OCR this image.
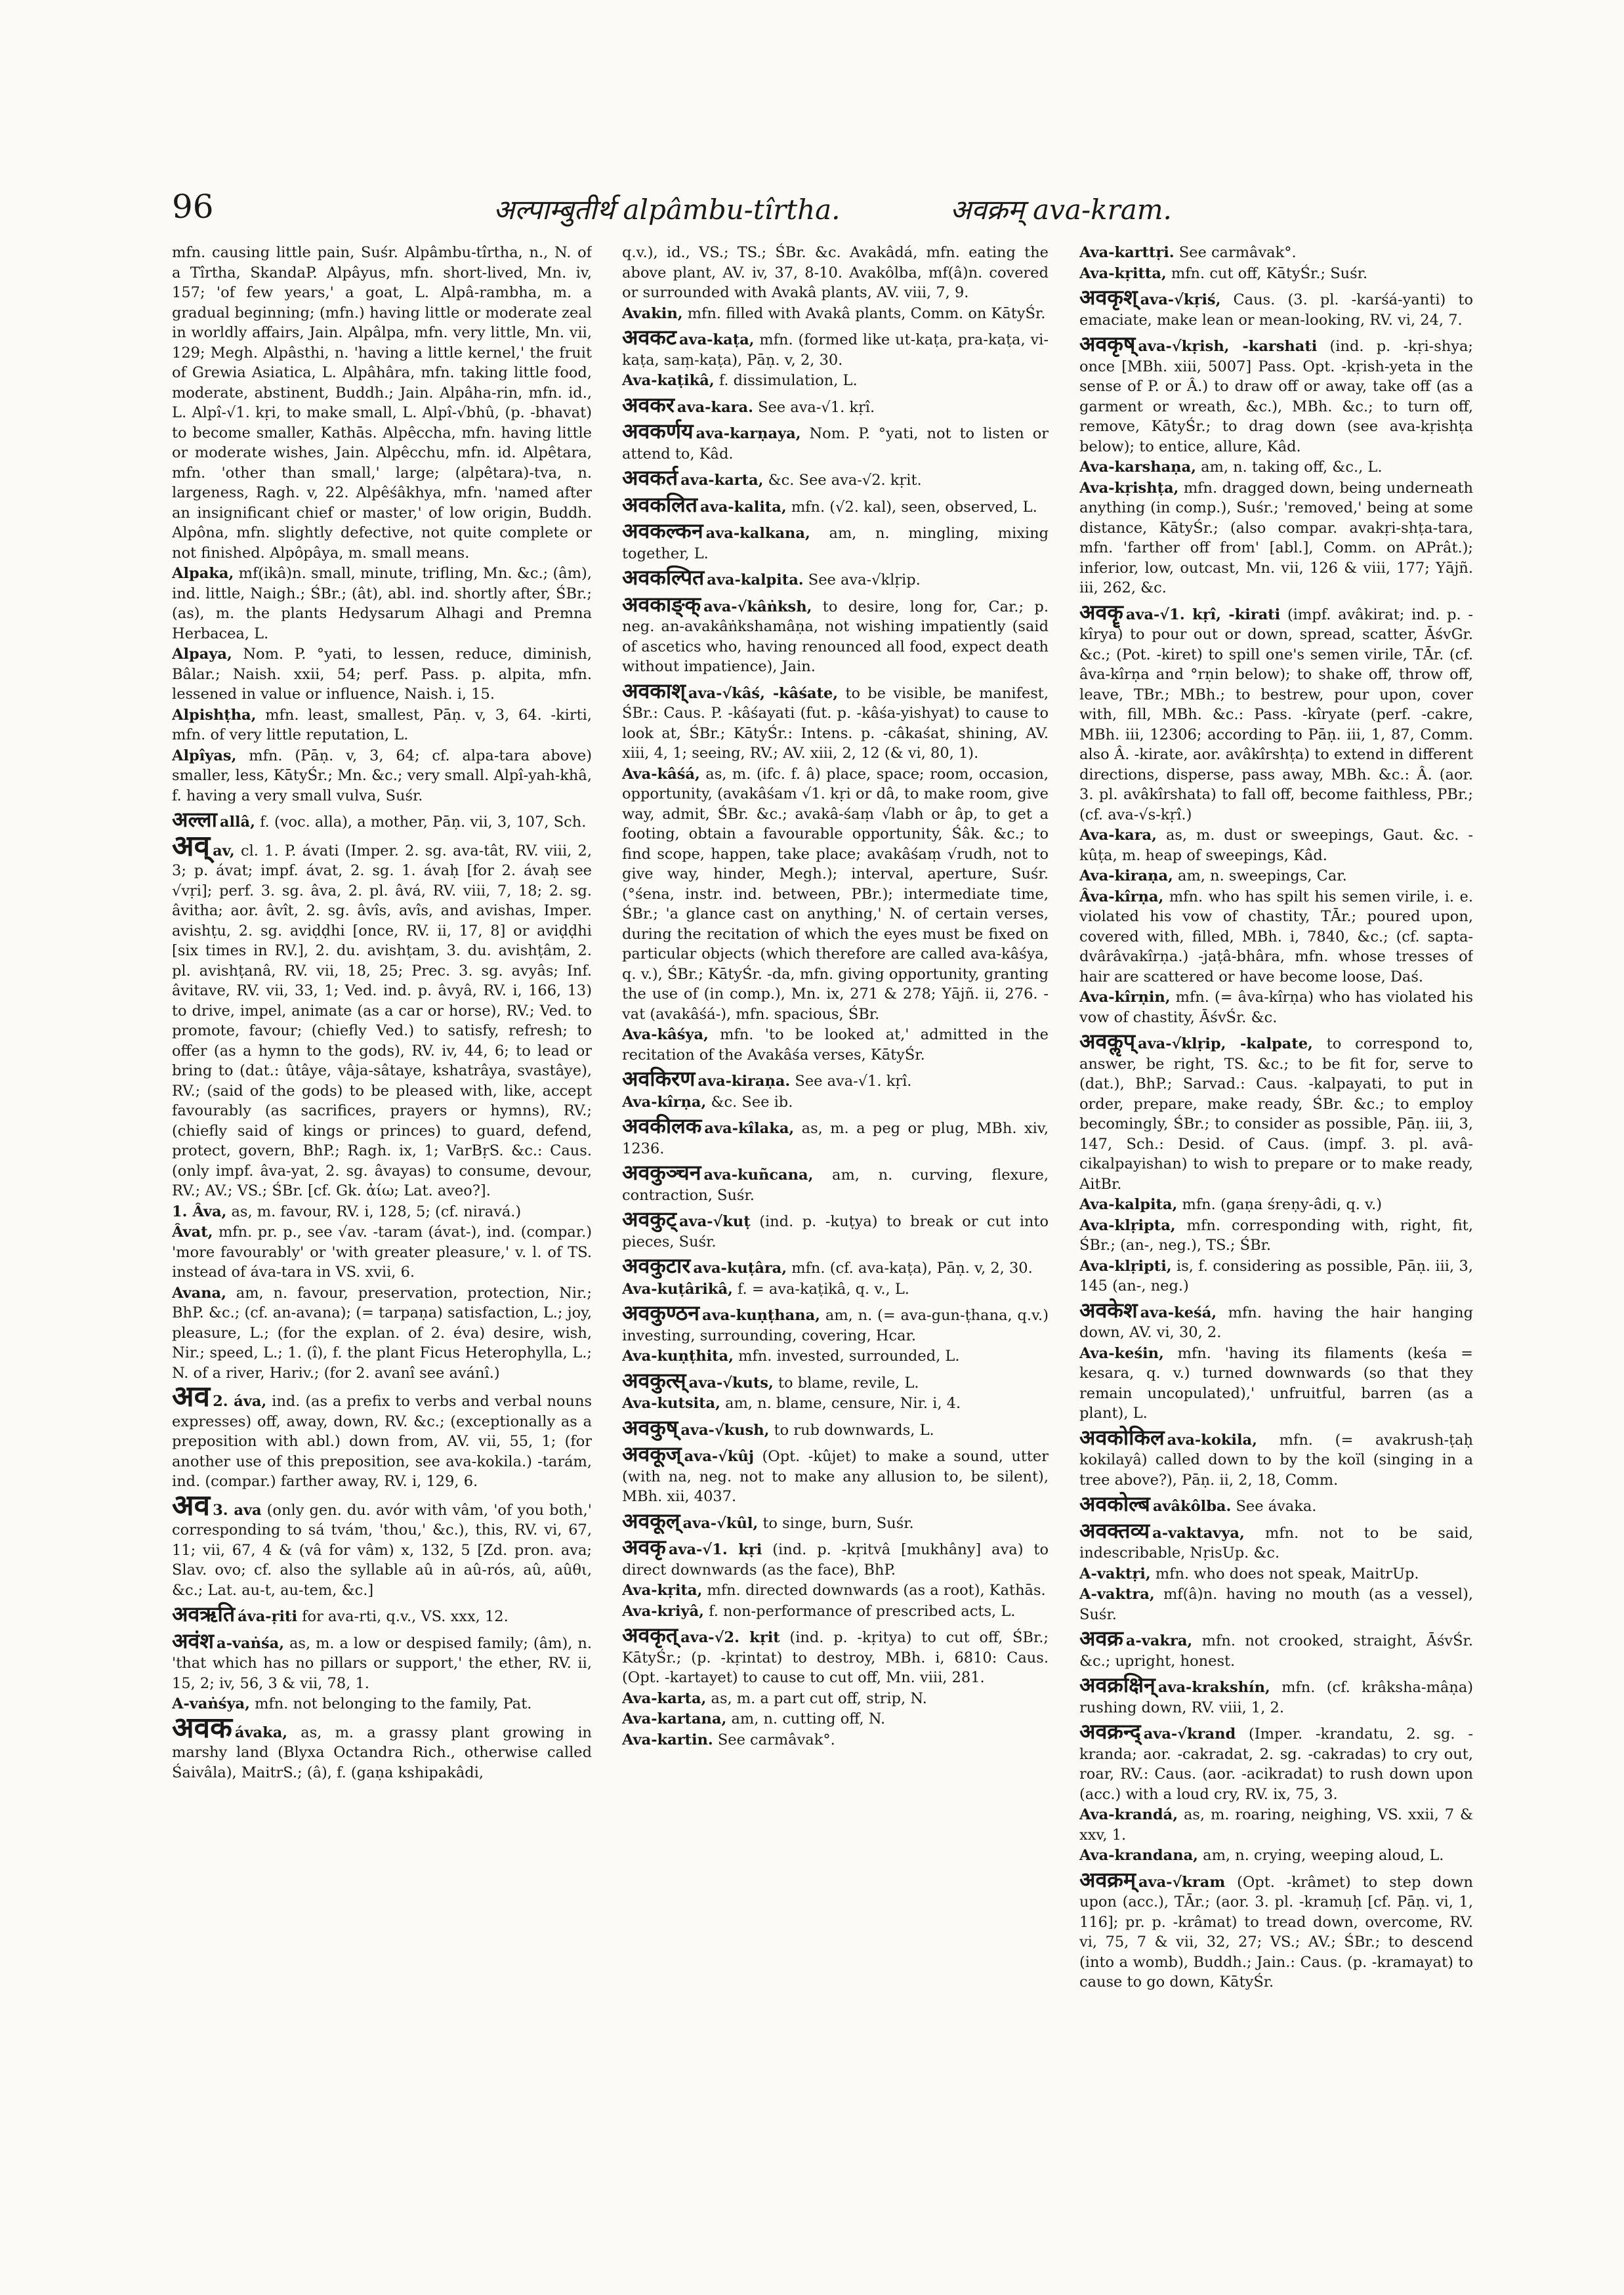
96	अल्पाम्बुतीर्थ alpâmbu-tîrtha.	अवक्रम् ava-kram.

mfn. causing little pain, Suśr. Alpâmbu-tîrtha, n., N. of a Tîrtha, SkandaP. Alpâyus, mfn. short-lived, Mn. iv, 157; 'of few years,' a goat, L. Alpâ-rambha, m. a gradual beginning; (mfn.) having little or moderate zeal in worldly affairs, Jain. Alpâlpa, mfn. very little, Mn. vii, 129; Megh. Alpâsthi, n. 'having a little kernel,' the fruit of Grewia Asiatica, L. Alpâhâra, mfn. taking little food, moderate, abstinent, Buddh.; Jain. Alpâha-rin, mfn. id., L. Alpî-√1. kṛi, to make small, L. Alpî-√bhû, (p. -bhavat) to become smaller, Kathās. Alpêccha, mfn. having little or moderate wishes, Jain. Alpêcchu, mfn. id. Alpêtara, mfn. 'other than small,' large; (alpêtara)-tva, n. largeness, Ragh. v, 22. Alpêśâkhya, mfn. 'named after an insignificant chief or master,' of low origin, Buddh. Alpôna, mfn. slightly defective, not quite complete or not finished. Alpôpâya, m. small means.

Alpaka, mf(ikâ)n. small, minute, trifling, Mn. &c.; (âm), ind. little, Naigh.; ŚBr.; (ât), abl. ind. shortly after, ŚBr.; (as), m. the plants Hedysarum Alhagi and Premna Herbacea, L.

Alpaya, Nom. P. °yati, to lessen, reduce, diminish, Bâlar.; Naish. xxii, 54; perf. Pass. p. alpita, mfn. lessened in value or influence, Naish. i, 15.

Alpishṭha, mfn. least, smallest, Pāṇ. v, 3, 64. -kirti, mfn. of very little reputation, L.

Alpîyas, mfn. (Pāṇ. v, 3, 64; cf. alpa-tara above) smaller, less, KātyŚr.; Mn. &c.; very small. Alpî-yah-khâ, f. having a very small vulva, Suśr.

अल्ला allâ, f. (voc. alla), a mother, Pāṇ. vii, 3, 107, Sch.

अव् av, cl. 1. P. ávati (Imper. 2. sg. ava-tât, RV. viii, 2, 3; p. ávat; impf. ávat, 2. sg. 1. ávaḥ [for 2. ávaḥ see √vṛi]; perf. 3. sg. âva, 2. pl. âvá, RV. viii, 7, 18; 2. sg. âvitha; aor. âvît, 2. sg. âvîs, avîs, and avishas, Imper. avishṭu, 2. sg. aviḍḍhi [once, RV. ii, 17, 8] or aviḍḍhi [six times in RV.], 2. du. avishṭam, 3. du. avishṭâm, 2. pl. avishṭanâ, RV. vii, 18, 25; Prec. 3. sg. avyâs; Inf. âvitave, RV. vii, 33, 1; Ved. ind. p. âvyâ, RV. i, 166, 13) to drive, impel, animate (as a car or horse), RV.; Ved. to promote, favour; (chiefly Ved.) to satisfy, refresh; to offer (as a hymn to the gods), RV. iv, 44, 6; to lead or bring to (dat.: ûtâye, vâja-sâtaye, kshatrâya, svastâye), RV.; (said of the gods) to be pleased with, like, accept favourably (as sacrifices, prayers or hymns), RV.; (chiefly said of kings or princes) to guard, defend, protect, govern, BhP.; Ragh. ix, 1; VarBṛS. &c.: Caus. (only impf. âva-yat, 2. sg. âvayas) to consume, devour, RV.; AV.; VS.; ŚBr. [cf. Gk. ἀίω; Lat. aveo?].

1. Âva, as, m. favour, RV. i, 128, 5; (cf. niravá.)

Âvat, mfn. pr. p., see √av. -taram (ávat-), ind. (compar.) 'more favourably' or 'with greater pleasure,' v. l. of TS. instead of áva-tara in VS. xvii, 6.

Avana, am, n. favour, preservation, protection, Nir.; BhP. &c.; (cf. an-avana); (= tarpaṇa) satisfaction, L.; joy, pleasure, L.; (for the explan. of 2. éva) desire, wish, Nir.; speed, L.; 1. (î), f. the plant Ficus Heterophylla, L.; N. of a river, Hariv.; (for 2. avanî see avánî.)

अव 2. áva, ind. (as a prefix to verbs and verbal nouns expresses) off, away, down, RV. &c.; (exceptionally as a preposition with abl.) down from, AV. vii, 55, 1; (for another use of this preposition, see ava-kokila.) -tarám, ind. (compar.) farther away, RV. i, 129, 6.

अव 3. ava (only gen. du. avór with vâm, 'of you both,' corresponding to sá tvám, 'thou,' &c.), this, RV. vi, 67, 11; vii, 67, 4 & (vâ for vâm) x, 132, 5 [Zd. pron. ava; Slav. ovo; cf. also the syllable aû in aû-rós, aû, aûθι, &c.; Lat. au-t, au-tem, &c.]

अवऋति áva-ṛiti for ava-rti, q.v., VS. xxx, 12.

अवंश a-vaṅśa, as, m. a low or despised family; (âm), n. 'that which has no pillars or support,' the ether, RV. ii, 15, 2; iv, 56, 3 & vii, 78, 1.

A-vaṅśya, mfn. not belonging to the family, Pat.

अवक ávaka, as, m. a grassy plant growing in marshy land (Blyxa Octandra Rich., otherwise called Śaivâla), MaitrS.; (â), f. (gaṇa kshipakâdi,

q.v.), id., VS.; TS.; ŚBr. &c. Avakâdá, mfn. eating the above plant, AV. iv, 37, 8-10. Avakôlba, mf(â)n. covered or surrounded with Avakâ plants, AV. viii, 7, 9.

Avakin, mfn. filled with Avakâ plants, Comm. on KātyŚr.

अवकट ava-kaṭa, mfn. (formed like ut-kaṭa, pra-kaṭa, vi-kaṭa, saṃ-kaṭa), Pāṇ. v, 2, 30.

Ava-kaṭikâ, f. dissimulation, L.

अवकर ava-kara. See ava-√1. kṛî.

अवकर्णय ava-karṇaya, Nom. P. °yati, not to listen or attend to, Kâd.

अवकर्त ava-karta, &c. See ava-√2. kṛit.

अवकलित ava-kalita, mfn. (√2. kal), seen, observed, L.

अवकल्कन ava-kalkana, am, n. mingling, mixing together, L.

अवकल्पित ava-kalpita. See ava-√klṛip.

अवकाङ्क् ava-√kâṅksh, to desire, long for, Car.; p. neg. an-avakâṅkshamâṇa, not wishing impatiently (said of ascetics who, having renounced all food, expect death without impatience), Jain.

अवकाश् ava-√kâś, -kâśate, to be visible, be manifest, ŚBr.: Caus. P. -kâśayati (fut. p. -kâśa-yishyat) to cause to look at, ŚBr.; KātyŚr.: Intens. p. -câkaśat, shining, AV. xiii, 4, 1; seeing, RV.; AV. xiii, 2, 12 (& vi, 80, 1).

Ava-kâśá, as, m. (ifc. f. â) place, space; room, occasion, opportunity, (avakâśam √1. kṛi or dâ, to make room, give way, admit, ŚBr. &c.; avakâ-śaṃ √labh or âp, to get a footing, obtain a favourable opportunity, Śâk. &c.; to find scope, happen, take place; avakâśaṃ √rudh, not to give way, hinder, Megh.); interval, aperture, Suśr. (°śena, instr. ind. between, PBr.); intermediate time, ŚBr.; 'a glance cast on anything,' N. of certain verses, during the recitation of which the eyes must be fixed on particular objects (which therefore are called ava-kâśya, q. v.), ŚBr.; KātyŚr. -da, mfn. giving opportunity, granting the use of (in comp.), Mn. ix, 271 & 278; Yājñ. ii, 276. -vat (avakâśá-), mfn. spacious, ŚBr.

Ava-kâśya, mfn. 'to be looked at,' admitted in the recitation of the Avakâśa verses, KātyŚr.

अवकिरण ava-kiraṇa. See ava-√1. kṛî.

Ava-kîrṇa, &c. See ib.

अवकीलक ava-kîlaka, as, m. a peg or plug, MBh. xiv, 1236.

अवकुञ्चन ava-kuñcana, am, n. curving, flexure, contraction, Suśr.

अवकुट् ava-√kuṭ (ind. p. -kuṭya) to break or cut into pieces, Suśr.

अवकुटार ava-kuṭâra, mfn. (cf. ava-kaṭa), Pāṇ. v, 2, 30.

Ava-kuṭârikâ, f. = ava-kaṭikâ, q. v., L.

अवकुण्ठन ava-kuṇṭhana, am, n. (= ava-gun-ṭhana, q.v.) investing, surrounding, covering, Hcar.

Ava-kuṇṭhita, mfn. invested, surrounded, L.

अवकुत्स् ava-√kuts, to blame, revile, L.

Ava-kutsita, am, n. blame, censure, Nir. i, 4.

अवकुष् ava-√kush, to rub downwards, L.

अवकूज् ava-√kûj (Opt. -kûjet) to make a sound, utter (with na, neg. not to make any allusion to, be silent), MBh. xii, 4037.

अवकूल् ava-√kûl, to singe, burn, Suśr.

अवकृ ava-√1. kṛi (ind. p. -kṛitvâ [mukhâny] ava) to direct downwards (as the face), BhP.

Ava-kṛita, mfn. directed downwards (as a root), Kathās.

Ava-kriyâ, f. non-performance of prescribed acts, L.

अवकृत् ava-√2. kṛit (ind. p. -kṛitya) to cut off, ŚBr.; KātyŚr.; (p. -kṛintat) to destroy, MBh. i, 6810: Caus. (Opt. -kartayet) to cause to cut off, Mn. viii, 281.

Ava-karta, as, m. a part cut off, strip, N.

Ava-kartana, am, n. cutting off, N.

Ava-kartin. See carmâvak°.

Ava-karttṛi. See carmâvak°.

Ava-kṛitta, mfn. cut off, KātyŚr.; Suśr.

अवकृश् ava-√kṛiś, Caus. (3. pl. -karśá-yanti) to emaciate, make lean or mean-looking, RV. vi, 24, 7.

अवकृष् ava-√kṛish, -karshati (ind. p. -kṛi-shya; once [MBh. xiii, 5007] Pass. Opt. -kṛish-yeta in the sense of P. or Â.) to draw off or away, take off (as a garment or wreath, &c.), MBh. &c.; to turn off, remove, KātyŚr.; to drag down (see ava-kṛishṭa below); to entice, allure, Kâd.

Ava-karshaṇa, am, n. taking off, &c., L.

Ava-kṛishṭa, mfn. dragged down, being underneath anything (in comp.), Suśr.; 'removed,' being at some distance, KātyŚr.; (also compar. avakṛi-shṭa-tara, mfn. 'farther off from' [abl.], Comm. on APrât.); inferior, low, outcast, Mn. vii, 126 & viii, 177; Yājñ. iii, 262, &c.

अवकॄ ava-√1. kṛî, -kirati (impf. avâkirat; ind. p. -kîrya) to pour out or down, spread, scatter, ĀśvGr. &c.; (Pot. -kiret) to spill one's semen virile, TĀr. (cf. âva-kîrṇa and °rṇin below); to shake off, throw off, leave, TBr.; MBh.; to bestrew, pour upon, cover with, fill, MBh. &c.: Pass. -kîryate (perf. -cakre, MBh. iii, 12306; according to Pāṇ. iii, 1, 87, Comm. also Â. -kirate, aor. avâkîrshṭa) to extend in different directions, disperse, pass away, MBh. &c.: Â. (aor. 3. pl. avâkîrshata) to fall off, become faithless, PBr.; (cf. ava-√s-kṛî.)

Ava-kara, as, m. dust or sweepings, Gaut. &c. -kûṭa, m. heap of sweepings, Kâd.

Ava-kiraṇa, am, n. sweepings, Car.

Âva-kîrṇa, mfn. who has spilt his semen virile, i. e. violated his vow of chastity, TĀr.; poured upon, covered with, filled, MBh. i, 7840, &c.; (cf. sapta-dvârâvakîrṇa.) -jaṭâ-bhâra, mfn. whose tresses of hair are scattered or have become loose, Daś.

Ava-kîrṇin, mfn. (= âva-kîrṇa) who has violated his vow of chastity, ĀśvŚr. &c.

अवकॢप् ava-√klṛip, -kalpate, to correspond to, answer, be right, TS. &c.; to be fit for, serve to (dat.), BhP.; Sarvad.: Caus. -kalpayati, to put in order, prepare, make ready, ŚBr. &c.; to employ becomingly, ŚBr.; to consider as possible, Pāṇ. iii, 3, 147, Sch.: Desid. of Caus. (impf. 3. pl. avâ-cikalpayishan) to wish to prepare or to make ready, AitBr.

Ava-kalpita, mfn. (gaṇa śreṇy-âdi, q. v.)

Ava-klṛipta, mfn. corresponding with, right, fit, ŚBr.; (an-, neg.), TS.; ŚBr.

Ava-klṛipti, is, f. considering as possible, Pāṇ. iii, 3, 145 (an-, neg.)

अवकेश ava-keśá, mfn. having the hair hanging down, AV. vi, 30, 2.

Ava-keśin, mfn. 'having its filaments (keśa = kesara, q. v.) turned downwards (so that they remain uncopulated),' unfruitful, barren (as a plant), L.

अवकोकिल ava-kokila, mfn. (= avakrush-ṭaḥ kokilayâ) called down to by the koïl (singing in a tree above?), Pāṇ. ii, 2, 18, Comm.

अवकोल्ब avâkôlba. See ávaka.

अवक्तव्य a-vaktavya, mfn. not to be said, indescribable, NṛisUp. &c.

A-vaktṛi, mfn. who does not speak, MaitrUp.

A-vaktra, mf(â)n. having no mouth (as a vessel), Suśr.

अवक्र a-vakra, mfn. not crooked, straight, ĀśvŚr. &c.; upright, honest.

अवक्रक्षिन् ava-krakshín, mfn. (cf. krâksha-mâṇa) rushing down, RV. viii, 1, 2.

अवक्रन्द् ava-√krand (Imper. -krandatu, 2. sg. -kranda; aor. -cakradat, 2. sg. -cakradas) to cry out, roar, RV.: Caus. (aor. -acikradat) to rush down upon (acc.) with a loud cry, RV. ix, 75, 3.

Ava-krandá, as, m. roaring, neighing, VS. xxii, 7 & xxv, 1.

Ava-krandana, am, n. crying, weeping aloud, L.

अवक्रम् ava-√kram (Opt. -krâmet) to step down upon (acc.), TĀr.; (aor. 3. pl. -kramuḥ [cf. Pāṇ. vi, 1, 116]; pr. p. -krâmat) to tread down, overcome, RV. vi, 75, 7 & vii, 32, 27; VS.; AV.; ŚBr.; to descend (into a womb), Buddh.; Jain.: Caus. (p. -kramayat) to cause to go down, KātyŚr.
